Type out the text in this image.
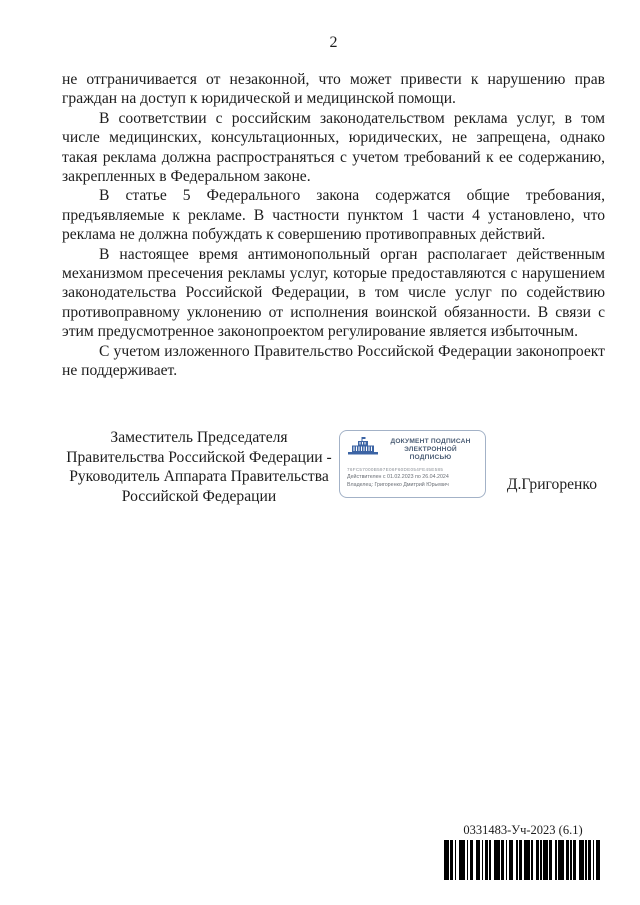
2

не отграничивается от незаконной, что может привести к нарушению прав граждан на доступ к юридической и медицинской помощи.

В соответствии с российским законодательством реклама услуг, в том числе медицинских, консультационных, юридических, не запрещена, однако такая реклама должна распространяться с учетом требований к ее содержанию, закрепленных в Федеральном законе.

В статье 5 Федерального закона содержатся общие требования, предъявляемые к рекламе. В частности пунктом 1 части 4 установлено, что реклама не должна побуждать к совершению противоправных действий.

В настоящее время антимонопольный орган располагает действенным механизмом пресечения рекламы услуг, которые предоставляются с нарушением законодательства Российской Федерации, в том числе услуг по содействию противоправному уклонению от исполнения воинской обязанности. В связи с этим предусмотренное законопроектом регулирование является избыточным.

С учетом изложенного Правительство Российской Федерации законопроект не поддерживает.

Заместитель Председателя
Правительства Российской Федерации -
Руководитель Аппарата Правительства
Российской Федерации
ДОКУМЕНТ ПОДПИСАН
ЭЛЕКТРОННОЙ ПОДПИСЬЮ
76FC57000B597E06F60DE054FE45E585
Действителен с 01.02.2023 по 26.04.2024
Владелец: Григоренко Дмитрий Юрьевич	Д.Григоренко
0331483-Уч-2023 (6.1)
